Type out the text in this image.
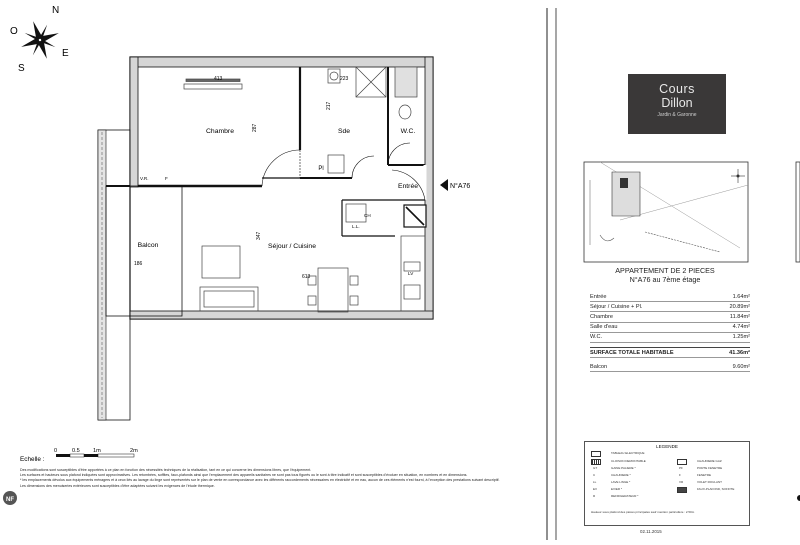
N
O
S
E
Chambre	Sde	W.C.
Entrée
Séjour / Cuisine
Balcon
Pl
N°A76
413
287
223
217
347
613
186
V.R.	F
L.L.
CH
LV
Echelle :
0	0.5 1m	2m
NF

Des modifications sont susceptibles d'être apportées à ce plan en fonction des nécessités techniques de la réalisation, tant en ce qui concerne les dimensions libres, que l'équipement.

Les surfaces et hauteurs sous plafond indiquées sont approximatives. Les retombées, soffites, faux-plafonds ainsi que l'emplacement des appareils sanitaires ne sont pas tous figurés ou le sont à titre indicatif et sont susceptibles d'évoluer en situation, en nombres et en dimensions.

* les emplacements dévolus aux équipements ménagers et à ceux liés au lavage du linge sont représentés sur le plan de vente en correspondance avec les différents raccordements nécessaires en électricité et en eau, aucun de ces éléments n'est fourni, à l'exception des prestations suivant descriptif.

Les dimensions des menuiseries extérieures sont susceptibles d'être adaptées suivant les exigences de l'étude thermique.

Cours
Dillon
Jardin & Garonne
APPARTEMENT DE 2 PIECES
N°A76 au 7ème étage
Entrée	1.64m²
Séjour / Cuisine + Pl.	20.89m²
Chambre	11.84m²
Salle d'eau	4.74m²
W.C.	1.25m²

SURFACE TOTALE HABITABLE	41.36m²

Balcon	9.60m²
LEGENDE
TABLEAU ELECTRIQUE
CLOISON DEMONTABLE
GT	GAINE PALIERE *
C	CHAUDIERE *
LL	LAVE LINGE *
EV	EVIER *
R	REFRIGERATEUR *
CHAUDIERE GAZ
PF	PORTE FENETRE
F	FENETRE
VR	VOLET ROULANT
FAUX-PLAFOND, SOFFITE
Hauteur sous plafond des pièces principales sauf mention particulière : 2.50m
02.11.2015
